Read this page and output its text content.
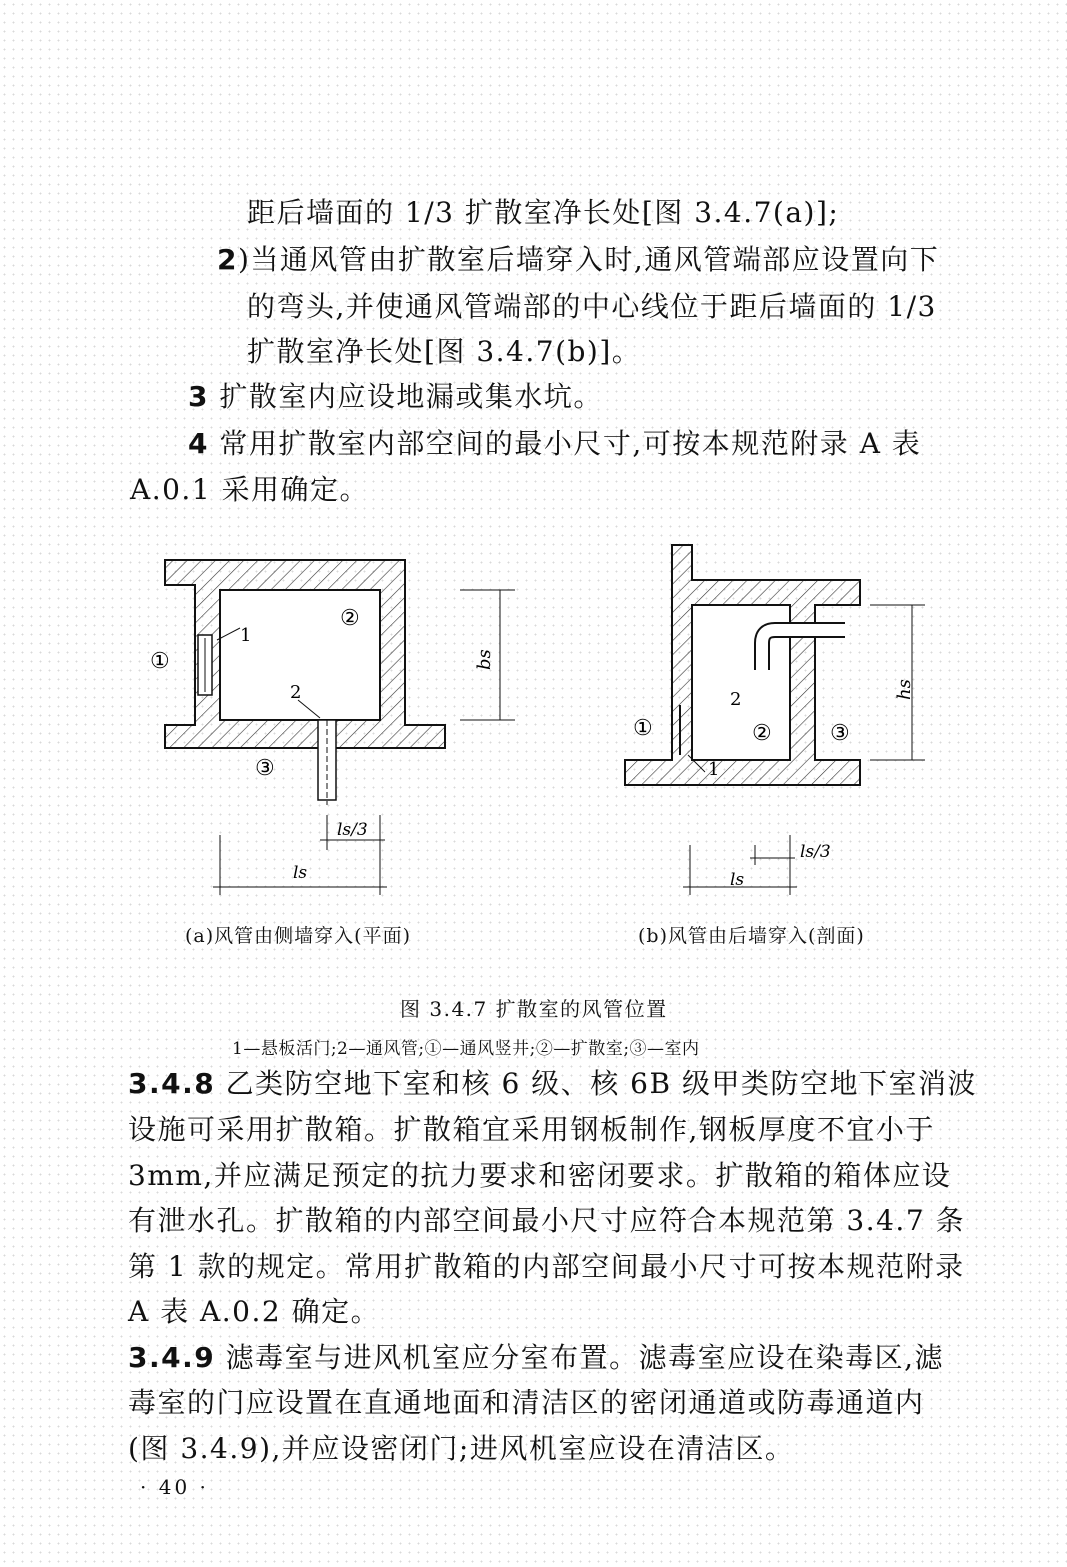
距后墙面的 1/3 扩散室净长处[图 3.4.7(a)];
2)当通风管由扩散室后墙穿入时,通风管端部应设置向下
的弯头,并使通风管端部的中心线位于距后墙面的 1/3
扩散室净长处[图 3.4.7(b)]。
3 扩散室内应设地漏或集水坑。
4 常用扩散室内部空间的最小尺寸,可按本规范附录 A 表
A.0.1 采用确定。
①
②
③
1
2
bs
ls/3
ls
①	②	③
1
2	hs
ls/3
ls
(a)风管由侧墙穿入(平面)	(b)风管由后墙穿入(剖面)
图 3.4.7 扩散室的风管位置
1—悬板活门;2—通风管;①—通风竖井;②—扩散室;③—室内
3.4.8 乙类防空地下室和核 6 级、核 6B 级甲类防空地下室消波
设施可采用扩散箱。扩散箱宜采用钢板制作,钢板厚度不宜小于
3mm,并应满足预定的抗力要求和密闭要求。扩散箱的箱体应设
有泄水孔。扩散箱的内部空间最小尺寸应符合本规范第 3.4.7 条
第 1 款的规定。常用扩散箱的内部空间最小尺寸可按本规范附录
A 表 A.0.2 确定。
3.4.9 滤毒室与进风机室应分室布置。滤毒室应设在染毒区,滤
毒室的门应设置在直通地面和清洁区的密闭通道或防毒通道内
(图 3.4.9),并应设密闭门;进风机室应设在清洁区。
· 40 ·
